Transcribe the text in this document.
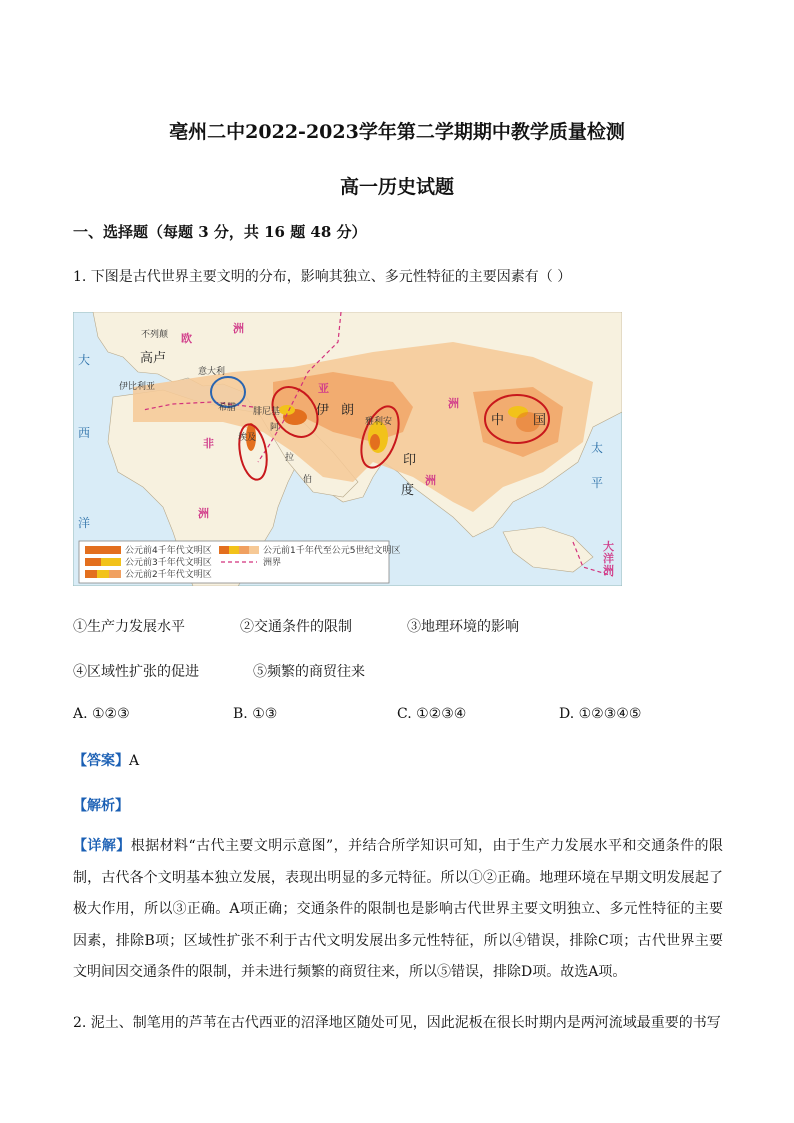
亳州二中2022-2023学年第二学期期中教学质量检测
高一历史试题
一、选择题（每题 3 分，共 16 题 48 分）
1. 下图是古代世界主要文明的分布，影响其独立、多元性特征的主要因素有（ ）
不列颠
高卢
意大利
伊比利亚
希腊 腓尼基
埃及
阿
拉
伯
伊 朗
雅利安
印
度
中 国
欧
洲
亚
洲
非
洲
洲
大
西
洋
太
平
大
洋
洲
公元前4千年代文明区
公元前3千年代文明区
公元前2千年代文明区
公元前1千年代至公元5世纪文明区
洲界
①生产力发展水平	②交通条件的限制	③地理环境的影响
④区域性扩张的促进	⑤频繁的商贸往来
A. ①②③	B. ①③	C. ①②③④	D. ①②③④⑤
【答案】A
【解析】
【详解】根据材料“古代主要文明示意图”，并结合所学知识可知，由于生产力发展水平和交通条件的限制，古代各个文明基本独立发展，表现出明显的多元特征。所以①②正确。地理环境在早期文明发展起了极大作用，所以③正确。A项正确；交通条件的限制也是影响古代世界主要文明独立、多元性特征的主要因素，排除B项；区域性扩张不利于古代文明发展出多元性特征，所以④错误，排除C项；古代世界主要文明间因交通条件的限制，并未进行频繁的商贸往来，所以⑤错误，排除D项。故选A项。
2. 泥土、制笔用的芦苇在古代西亚的沼泽地区随处可见，因此泥板在很长时期内是两河流域最重要的书写
